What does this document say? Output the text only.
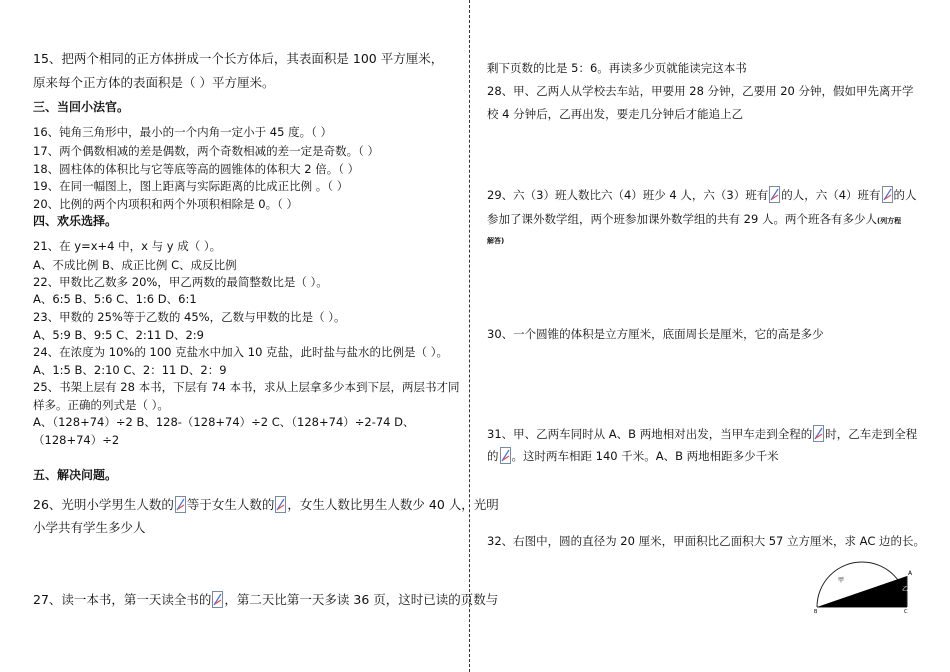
15、把两个相同的正方体拼成一个长方体后，其表面积是 100 平方厘米，
原来每个正方体的表面积是（ ）平方厘米。
三、当回小法官。
16、钝角三角形中，最小的一个内角一定小于 45 度。（ ）
17、两个偶数相减的差是偶数，两个奇数相减的差一定是奇数。（ ）
18、圆柱体的体积比与它等底等高的圆锥体的体积大 2 倍。（ ）
19、在同一幅图上，图上距离与实际距离的比成正比例 。（ ）
20、比例的两个内项积和两个外项积相除是 0。（ ）
四、欢乐选择。
21、在 y=x+4 中，x 与 y 成（ ）。
A、不成比例 B、成正比例 C、成反比例
22、甲数比乙数多 20%，甲乙两数的最简整数比是（ ）。
A、6:5 B、5:6 C、1:6 D、6:1
23、甲数的 25%等于乙数的 45%，乙数与甲数的比是（ ）。
A、5:9 B、9:5 C、2:11 D、2:9
24、在浓度为 10%的 100 克盐水中加入 10 克盐，此时盐与盐水的比例是（ ）。
A、1:5 B、2:10 C、2：11 D、2：9
25、书架上层有 28 本书，下层有 74 本书，求从上层拿多少本到下层，两层书才同
样多。正确的列式是（ ）。
A、（128+74）÷2 B、128-（128+74）÷2 C、（128+74）÷2-74 D、
（128+74）÷2
五、解决问题。
26、光明小学男生人数的 等于女生人数的 ，女生人数比男生人数少 40 人，光明
小学共有学生多少人
27、读一本书，第一天读全书的 ，第二天比第一天多读 36 页，这时已读的页数与
剩下页数的比是 5：6。再读多少页就能读完这本书
28、甲、乙两人从学校去车站，甲要用 28 分钟，乙要用 20 分钟，假如甲先离开学
校 4 分钟后，乙再出发，要走几分钟后才能追上乙
29、六（3）班人数比六（4）班少 4 人，六（3）班有 的人，六（4）班有 的人
参加了课外数学组，两个班参加课外数学组的共有 29 人。两个班各有多少人(列方程
解答)
30、一个圆锥的体积是立方厘米，底面周长是厘米，它的高是多少
31、甲、乙两车同时从 A、B 两地相对出发，当甲车走到全程的 时，乙车走到全程
的 。这时两车相距 140 千米。A、B 两地相距多少千米
32、右图中，圆的直径为 20 厘米，甲面积比乙面积大 57 立方厘米，求 AC 边的长。
甲
乙
A
B	C
